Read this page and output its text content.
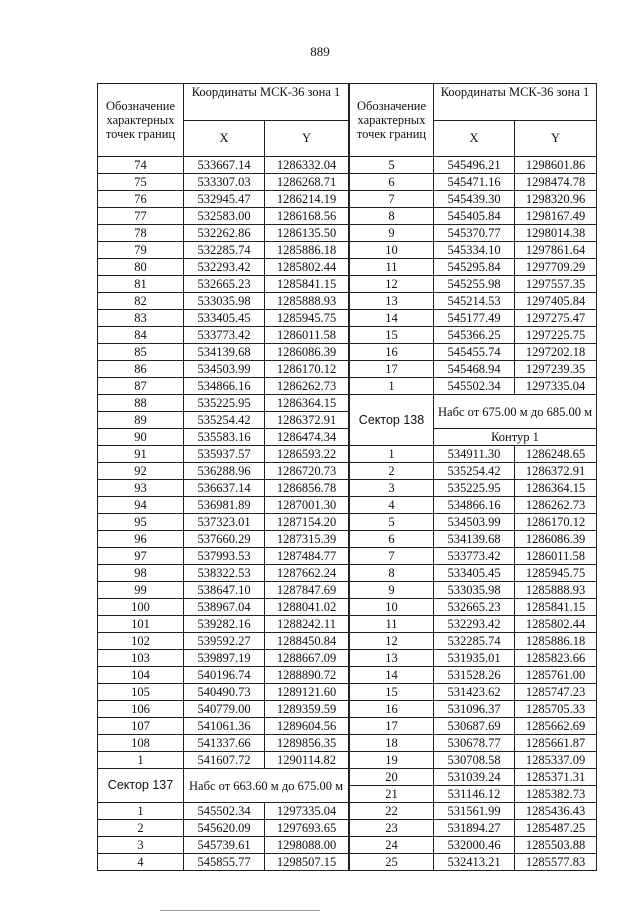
889
Обозначение характерных точек границ	Координаты МСК-36 зона 1	
	X	Y
74	533667.14	1286332.04
75	533307.03	1286268.71
76	532945.47	1286214.19
77	532583.00	1286168.56
78	532262.86	1286135.50
79	532285.74	1285886.18
80	532293.42	1285802.44
81	532665.23	1285841.15
82	533035.98	1285888.93
83	533405.45	1285945.75
84	533773.42	1286011.58
85	534139.68	1286086.39
86	534503.99	1286170.12
87	534866.16	1286262.73
88	535225.95	1286364.15
89	535254.42	1286372.91
90	535583.16	1286474.34
91	535937.57	1286593.22
92	536288.96	1286720.73
93	536637.14	1286856.78
94	536981.89	1287001.30
95	537323.01	1287154.20
96	537660.29	1287315.39
97	537993.53	1287484.77
98	538322.53	1287662.24
99	538647.10	1287847.69
100	538967.04	1288041.02
101	539282.16	1288242.11
102	539592.27	1288450.84
103	539897.19	1288667.09
104	540196.74	1288890.72
105	540490.73	1289121.60
106	540779.00	1289359.59
107	541061.36	1289604.56
108	541337.66	1289856.35
1	541607.72	1290114.82
Сектор 137	Набс от 663.60 м до 675.00 м	

1	545502.34	1297335.04
2	545620.09	1297693.65
3	545739.61	1298088.00
4	545855.77	1298507.15
Обозначение характерных точек границ	Координаты МСК-36 зона 1	
	X	Y
5	545496.21	1298601.86
6	545471.16	1298474.78
7	545439.30	1298320.96
8	545405.84	1298167.49
9	545370.77	1298014.38
10	545334.10	1297861.64
11	545295.84	1297709.29
12	545255.98	1297557.35
13	545214.53	1297405.84
14	545177.49	1297275.47
15	545366.25	1297225.75
16	545455.74	1297202.18
17	545468.94	1297239.35
1	545502.34	1297335.04
Сектор 138	Набс от 675.00 м до 685.00 м	

	Контур 1	
1	534911.30	1286248.65
2	535254.42	1286372.91
3	535225.95	1286364.15
4	534866.16	1286262.73
5	534503.99	1286170.12
6	534139.68	1286086.39
7	533773.42	1286011.58
8	533405.45	1285945.75
9	533035.98	1285888.93
10	532665.23	1285841.15
11	532293.42	1285802.44
12	532285.74	1285886.18
13	531935.01	1285823.66
14	531528.26	1285761.00
15	531423.62	1285747.23
16	531096.37	1285705.33
17	530687.69	1285662.69
18	530678.77	1285661.87
19	530708.58	1285337.09
20	531039.24	1285371.31
21	531146.12	1285382.73
22	531561.99	1285436.43
23	531894.27	1285487.25
24	532000.46	1285503.88
25	532413.21	1285577.83
